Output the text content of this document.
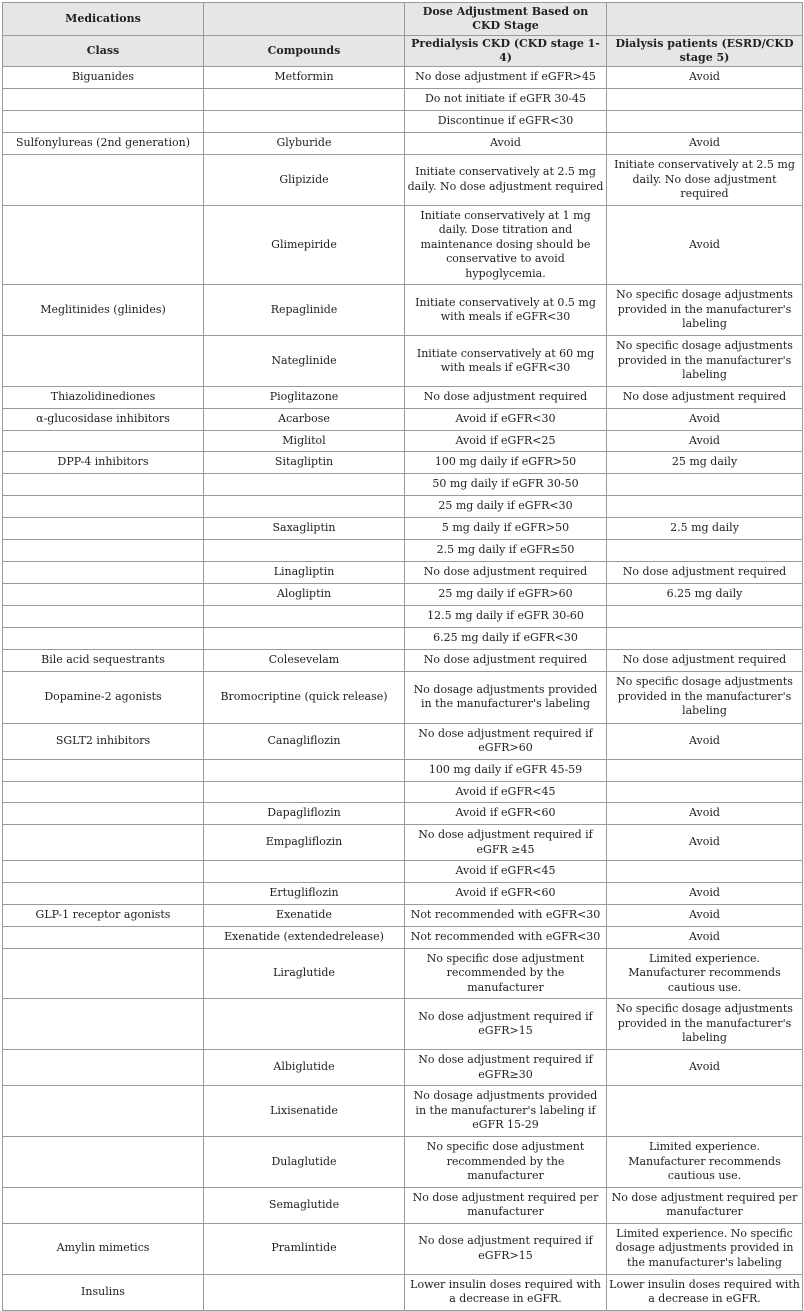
Medications		Dose Adjustment Based on CKD Stage	
Class	Compounds	Predialysis CKD (CKD stage 1-4)	Dialysis patients (ESRD/CKD stage 5)
Biguanides	Metformin	No dose adjustment if eGFR>45	Avoid
		Do not initiate if eGFR 30-45	
		Discontinue if eGFR<30	
Sulfonylureas (2nd generation)	Glyburide	Avoid	Avoid
	Glipizide	Initiate conservatively at 2.5 mg daily. No dose adjustment required	Initiate conservatively at 2.5 mg daily. No dose adjustment required
	Glimepiride	Initiate conservatively at 1 mg daily. Dose titration and maintenance dosing should be conservative to avoid hypoglycemia.	Avoid
Meglitinides (glinides)	Repaglinide	Initiate conservatively at 0.5 mg with meals if eGFR<30	No specific dosage adjustments provided in the manufacturer's labeling
	Nateglinide	Initiate conservatively at 60 mg with meals if eGFR<30	No specific dosage adjustments provided in the manufacturer's labeling
Thiazolidinediones	Pioglitazone	No dose adjustment required	No dose adjustment required
α-glucosidase inhibitors	Acarbose	Avoid if eGFR<30	Avoid
	Miglitol	Avoid if eGFR<25	Avoid
DPP-4 inhibitors	Sitagliptin	100 mg daily if eGFR>50	25 mg daily
		50 mg daily if eGFR 30-50	
		25 mg daily if eGFR<30	
	Saxagliptin	5 mg daily if eGFR>50	2.5 mg daily
		2.5 mg daily if eGFR≤50	
	Linagliptin	No dose adjustment required	No dose adjustment required
	Alogliptin	25 mg daily if eGFR>60	6.25 mg daily
		12.5 mg daily if eGFR 30-60	
		6.25 mg daily if eGFR<30	
Bile acid sequestrants	Colesevelam	No dose adjustment required	No dose adjustment required
Dopamine-2 agonists	Bromocriptine (quick release)	No dosage adjustments provided in the manufacturer's labeling	No specific dosage adjustments provided in the manufacturer's labeling
SGLT2 inhibitors	Canagliflozin	No dose adjustment required if eGFR>60	Avoid
		100 mg daily if eGFR 45-59	
		Avoid if eGFR<45	
	Dapagliflozin	Avoid if eGFR<60	Avoid
	Empagliflozin	No dose adjustment required if eGFR ≥45	Avoid
		Avoid if eGFR<45	
	Ertugliflozin	Avoid if eGFR<60	Avoid
GLP-1 receptor agonists	Exenatide	Not recommended with eGFR<30	Avoid
	Exenatide (extendedrelease)	Not recommended with eGFR<30	Avoid
	Liraglutide	No specific dose adjustment recommended by the manufacturer	Limited experience. Manufacturer recommends cautious use.
		No dose adjustment required if eGFR>15	No specific dosage adjustments provided in the manufacturer's labeling
	Albiglutide	No dose adjustment required if eGFR≥30	Avoid
	Lixisenatide	No dosage adjustments provided in the manufacturer's labeling if eGFR 15-29	
	Dulaglutide	No specific dose adjustment recommended by the manufacturer	Limited experience. Manufacturer recommends cautious use.
	Semaglutide	No dose adjustment required per manufacturer	No dose adjustment required per manufacturer
Amylin mimetics	Pramlintide	No dose adjustment required if eGFR>15	Limited experience. No specific dosage adjustments provided in the manufacturer's labeling
Insulins		Lower insulin doses required with a decrease in eGFR.	Lower insulin doses required with a decrease in eGFR.
